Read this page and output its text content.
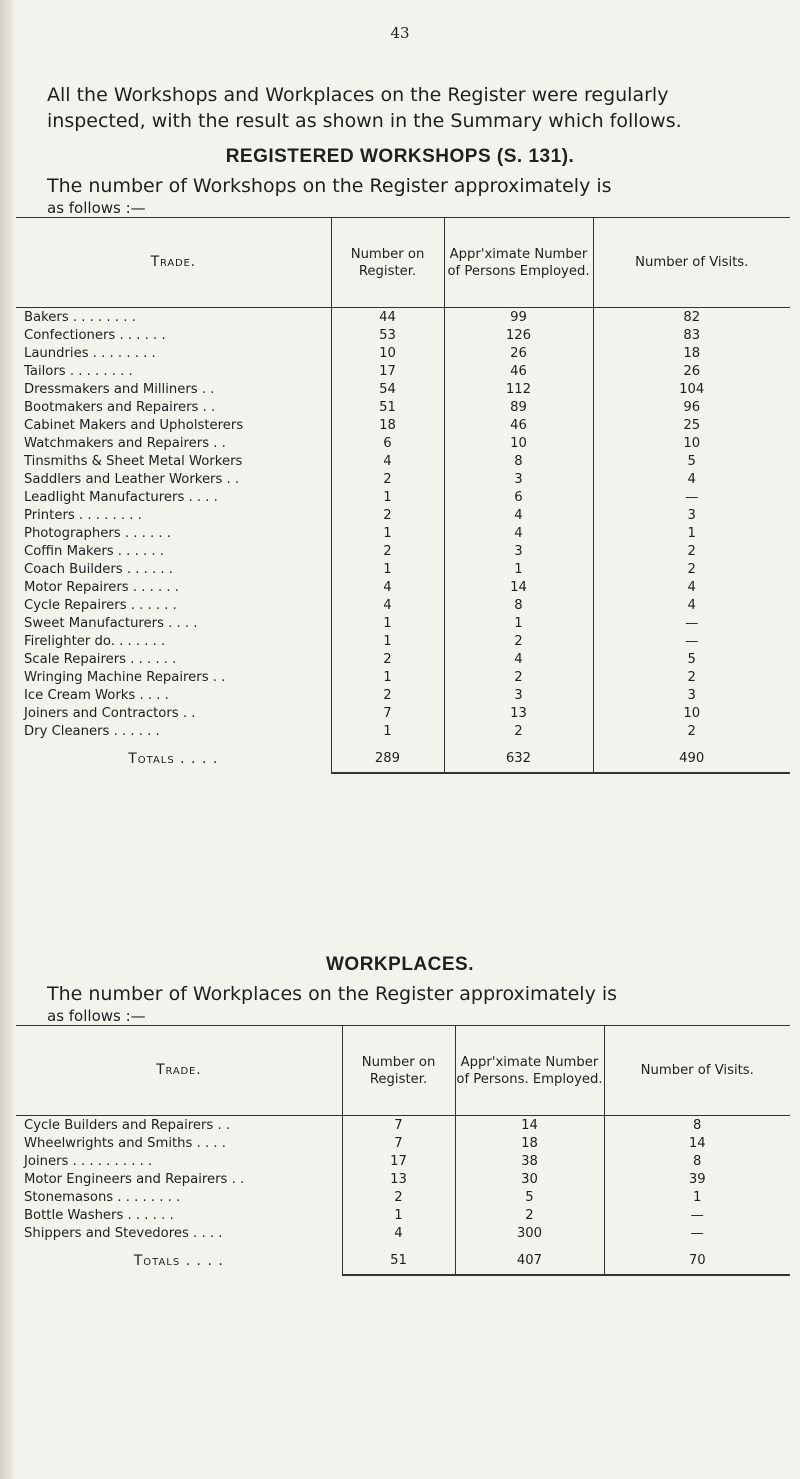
43
All the Workshops and Workplaces on the Register were regularly inspected, with the result as shown in the Summary which follows.
REGISTERED WORKSHOPS (S. 131).
The number of Workshops on the Register approximately is
as follows :—
Trade.	Number on Register.	Appr'ximate Number of Persons Employed.	Number of Visits.
Bakers . . . . . . . .	44	99	82
Confectioners . . . . . .	53	126	83
Laundries . . . . . . . .	10	26	18
Tailors . . . . . . . .	17	46	26
Dressmakers and Milliners . .	54	112	104
Bootmakers and Repairers . .	51	89	96
Cabinet Makers and Upholsterers	18	46	25
Watchmakers and Repairers . .	6	10	10
Tinsmiths & Sheet Metal Workers	4	8	5
Saddlers and Leather Workers . .	2	3	4
Leadlight Manufacturers . . . .	1	6	—
Printers . . . . . . . .	2	4	3
Photographers . . . . . .	1	4	1
Coffin Makers . . . . . .	2	3	2
Coach Builders . . . . . .	1	1	2
Motor Repairers . . . . . .	4	14	4
Cycle Repairers . . . . . .	4	8	4
Sweet Manufacturers . . . .	1	1	—
Firelighter do. . . . . . .	1	2	—
Scale Repairers . . . . . .	2	4	5
Wringing Machine Repairers . .	1	2	2
Ice Cream Works . . . .	2	3	3
Joiners and Contractors . .	7	13	10
Dry Cleaners . . . . . .	1	2	2

Totals . . . .	289	632	490
WORKPLACES.
The number of Workplaces on the Register approximately is
as follows :—
Trade.	Number on Register.	Appr'ximate Number of Persons. Employed.	Number of Visits.
Cycle Builders and Repairers . .	7	14	8
Wheelwrights and Smiths . . . .	7	18	14
Joiners . . . . . . . . . .	17	38	8
Motor Engineers and Repairers . .	13	30	39
Stonemasons . . . . . . . .	2	5	1
Bottle Washers . . . . . .	1	2	—
Shippers and Stevedores . . . .	4	300	—

Totals . . . .	51	407	70
